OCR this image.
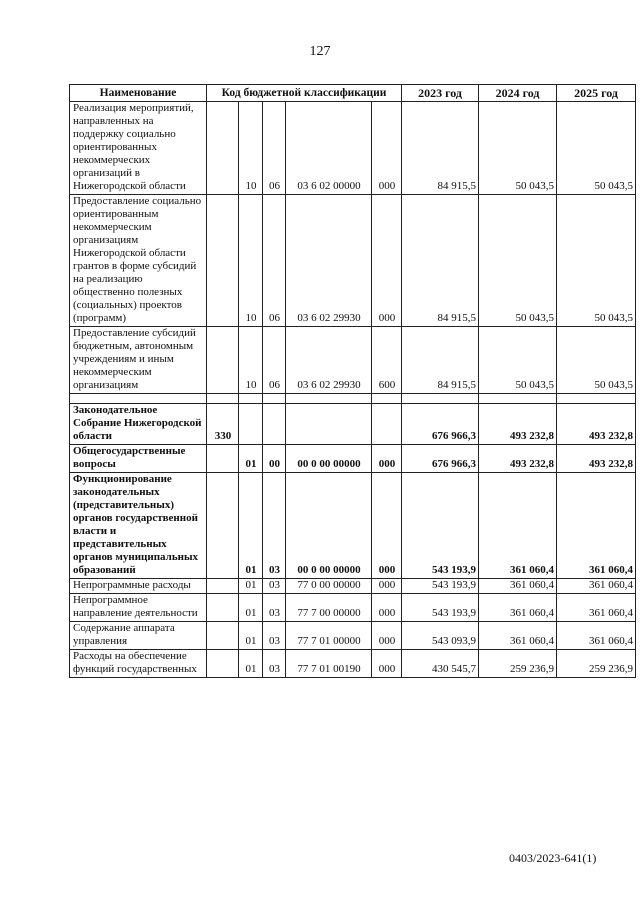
127
Наименование	Код бюджетной классификации					2023 год	2024 год	2025 год
Реализация мероприятий, направленных на поддержку социально ориентированных некоммерческих организаций в Нижегородской области		10	06	03 6 02 00000	000	84 915,5	50 043,5	50 043,5
Предоставление социально ориентированным некоммерческим организациям Нижегородской области грантов в форме субсидий на реализацию общественно полезных (социальных) проектов (программ)		10	06	03 6 02 29930	000	84 915,5	50 043,5	50 043,5
Предоставление субсидий бюджетным, автономным учреждениям и иным некоммерческим организациям		10	06	03 6 02 29930	600	84 915,5	50 043,5	50 043,5

Законодательное Собрание Нижегородской области	330					676 966,3	493 232,8	493 232,8
Общегосударственные вопросы		01	00	00 0 00 00000	000	676 966,3	493 232,8	493 232,8
Функционирование законодательных (представительных) органов государственной власти и представительных органов муниципальных образований		01	03	00 0 00 00000	000	543 193,9	361 060,4	361 060,4
Непрограммные расходы		01	03	77 0 00 00000	000	543 193,9	361 060,4	361 060,4
Непрограммное направление деятельности		01	03	77 7 00 00000	000	543 193,9	361 060,4	361 060,4
Содержание аппарата управления		01	03	77 7 01 00000	000	543 093,9	361 060,4	361 060,4
Расходы на обеспечение функций государственных		01	03	77 7 01 00190	000	430 545,7	259 236,9	259 236,9
0403/2023-641(1)
